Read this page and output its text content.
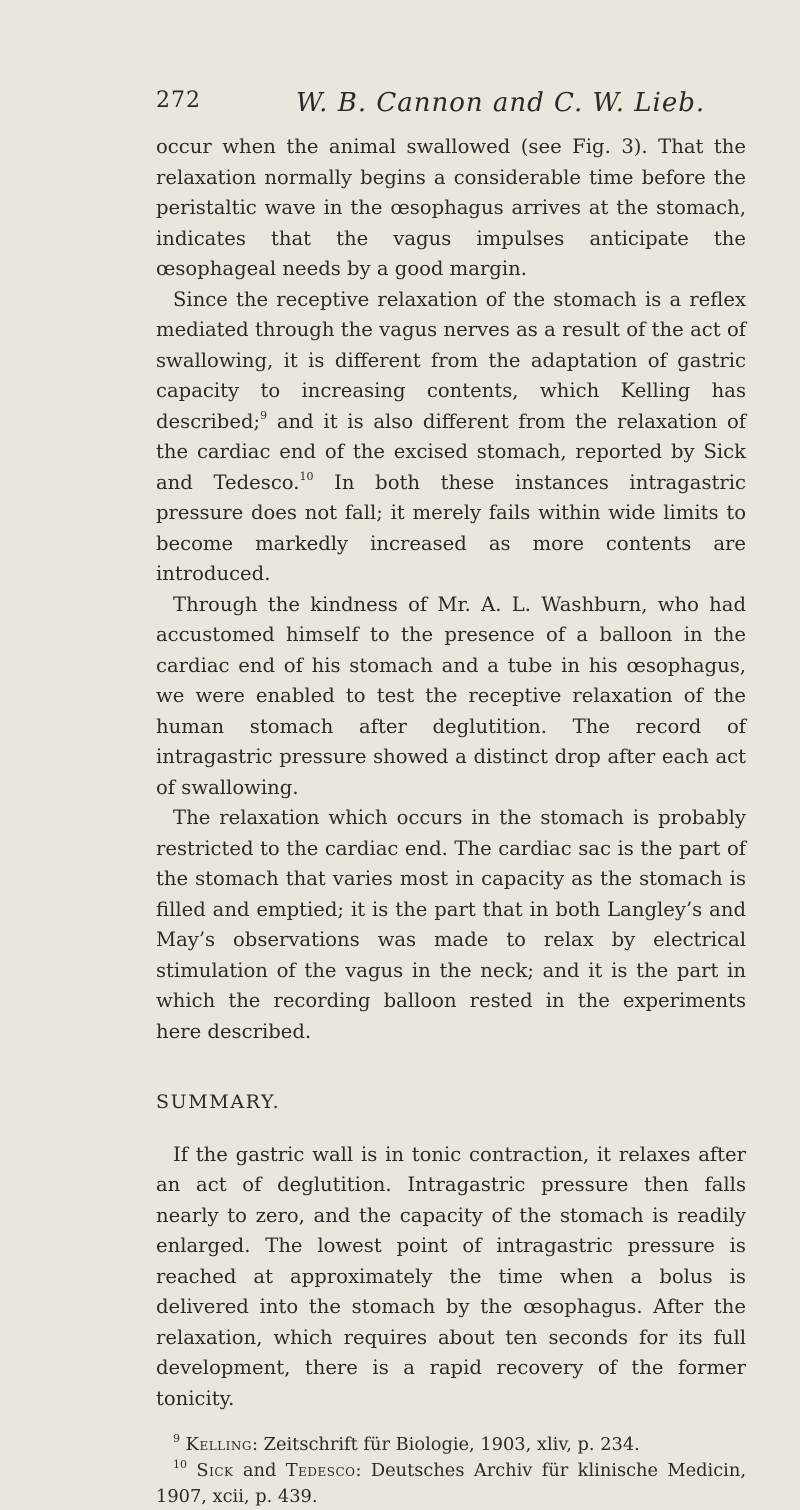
272	W. B. Cannon and C. W. Lieb.

occur when the animal swallowed (see Fig. 3). That the relaxation normally begins a considerable time before the peristaltic wave in the œsophagus arrives at the stomach, indicates that the vagus impulses anticipate the œsophageal needs by a good margin.

Since the receptive relaxation of the stomach is a reflex mediated through the vagus nerves as a result of the act of swallowing, it is different from the adaptation of gastric capacity to increasing contents, which Kelling has described;$^9$ and it is also different from the relaxation of the cardiac end of the excised stomach, reported by Sick and Tedesco.$^{10}$ In both these instances intragastric pressure does not fall; it merely fails within wide limits to become markedly increased as more contents are introduced.

Through the kindness of Mr. A. L. Washburn, who had accustomed himself to the presence of a balloon in the cardiac end of his stomach and a tube in his œsophagus, we were enabled to test the receptive relaxation of the human stomach after deglutition. The record of intragastric pressure showed a distinct drop after each act of swallowing.

The relaxation which occurs in the stomach is probably restricted to the cardiac end. The cardiac sac is the part of the stomach that varies most in capacity as the stomach is filled and emptied; it is the part that in both Langley’s and May’s observations was made to relax by electrical stimulation of the vagus in the neck; and it is the part in which the recording balloon rested in the experiments here described.

SUMMARY.

If the gastric wall is in tonic contraction, it relaxes after an act of deglutition. Intragastric pressure then falls nearly to zero, and the capacity of the stomach is readily enlarged. The lowest point of intragastric pressure is reached at approximately the time when a bolus is delivered into the stomach by the œsophagus. After the relaxation, which requires about ten seconds for its full development, there is a rapid recovery of the former tonicity.

$^9$ Kelling: Zeitschrift für Biologie, 1903, xliv, p. 234.

$^{10}$ Sick and Tedesco: Deutsches Archiv für klinische Medicin, 1907, xcii, p. 439.
